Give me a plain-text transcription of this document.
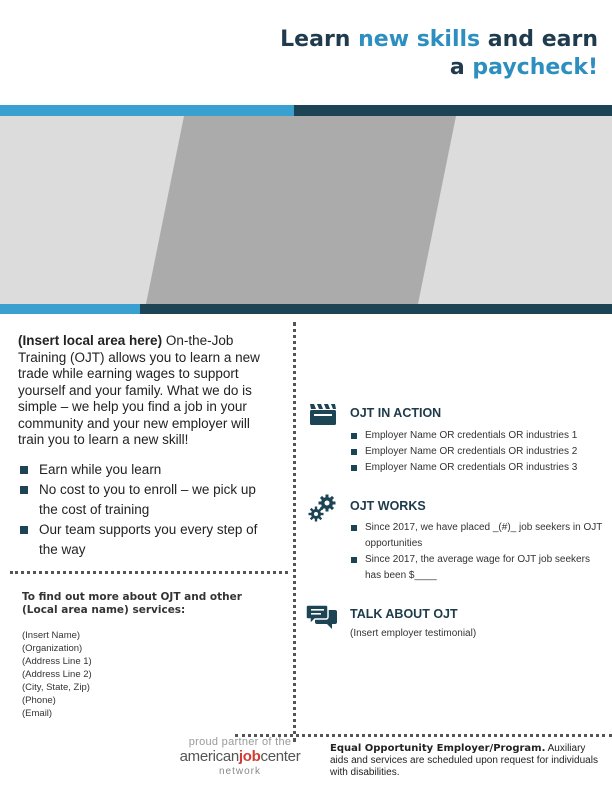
Learn new skills and earn
a paycheck!
(Insert local area here) On-the-Job Training (OJT) allows you to learn a new trade while earning wages to support yourself and your family. What we do is simple – we help you find a job in your community and your new employer will train you to learn a new skill!
Earn while you learn
No cost to you to enroll – we pick up the cost of training
Our team supports you every step of the way
To find out more about OJT and other (Local area name) services:
(Insert Name)
(Organization)
(Address Line 1)
(Address Line 2)
(City, State, Zip)
(Phone)
(Email)
OJT IN ACTION
Employer Name OR credentials OR industries 1
Employer Name OR credentials OR industries 2
Employer Name OR credentials OR industries 3
OJT WORKS
Since 2017, we have placed _(#)_ job seekers in OJT opportunities
Since 2017, the average wage for OJT job seekers has been $____
TALK ABOUT OJT
(Insert employer testimonial)
proud partner of the
americanjobcenter
network
Equal Opportunity Employer/Program. Auxiliary aids and services are scheduled upon request for individuals with disabilities.
